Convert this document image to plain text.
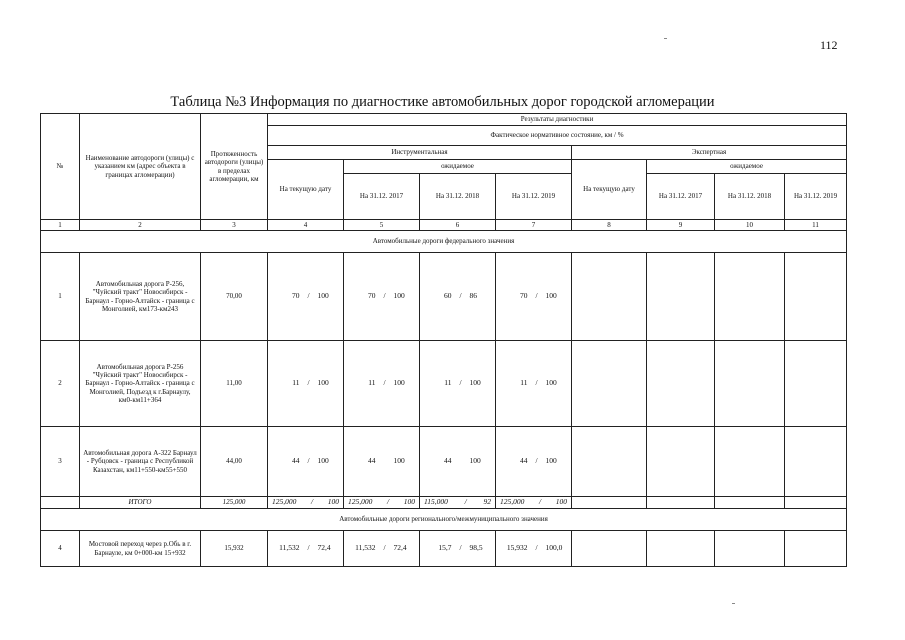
112
Таблица №3 Информация по диагностике автомобильных дорог городской агломерации
№	Наименование автодороги (улицы) с указанием км (адрес объекта в границах агломерации)	Протяженность автодороги (улицы) в пределах агломерации, км	Результаты диагностики							
			Фактическое нормативное состояние, км / %							
			Инструментальная				Экспертная			
			На текущую дату	ожидаемое			На текущую дату	ожидаемое		
				На 31.12. 2017	На 31.12. 2018	На 31.12. 2019		На 31.12. 2017	На 31.12. 2018	На 31.12. 2019
1	2	3	4	5	6	7	8	9	10	11
Автомобильные дороги федерального значения										
1	Автомобильная дорога Р-256, "Чуйский тракт" Новосибирск - Барнаул - Горно-Алтайск - граница с Монголией, км173-км243	70,00	70 / 100	70 / 100	60 / 86	70 / 100				

2	Автомобильная дорога Р-256 "Чуйский тракт" Новосибирск - Барнаул - Горно-Алтайск - граница с Монголией, Подъезд к г.Барнаулу, км0-км11+364	11,00	11 / 100	11 / 100	11 / 100	11 / 100				

3	Автомобильная дорога А-322 Барнаул - Рубцовск - граница с Республикой Казахстан, км11+550-км55+550	44,00	44 / 100	44 100	44 100	44 / 100				

	ИТОГО	125,000	125,000 / 100	125,000 / 100	115,000 / 92	125,000 / 100				

Автомобильные дороги регионального/межмуниципального значения										
4	Мостовой переход через р.Обь в г. Барнауле, км 0+000-км 15+932	15,932	11,532 / 72,4	11,532 / 72,4	15,7 / 98,5	15,932 / 100,0				
